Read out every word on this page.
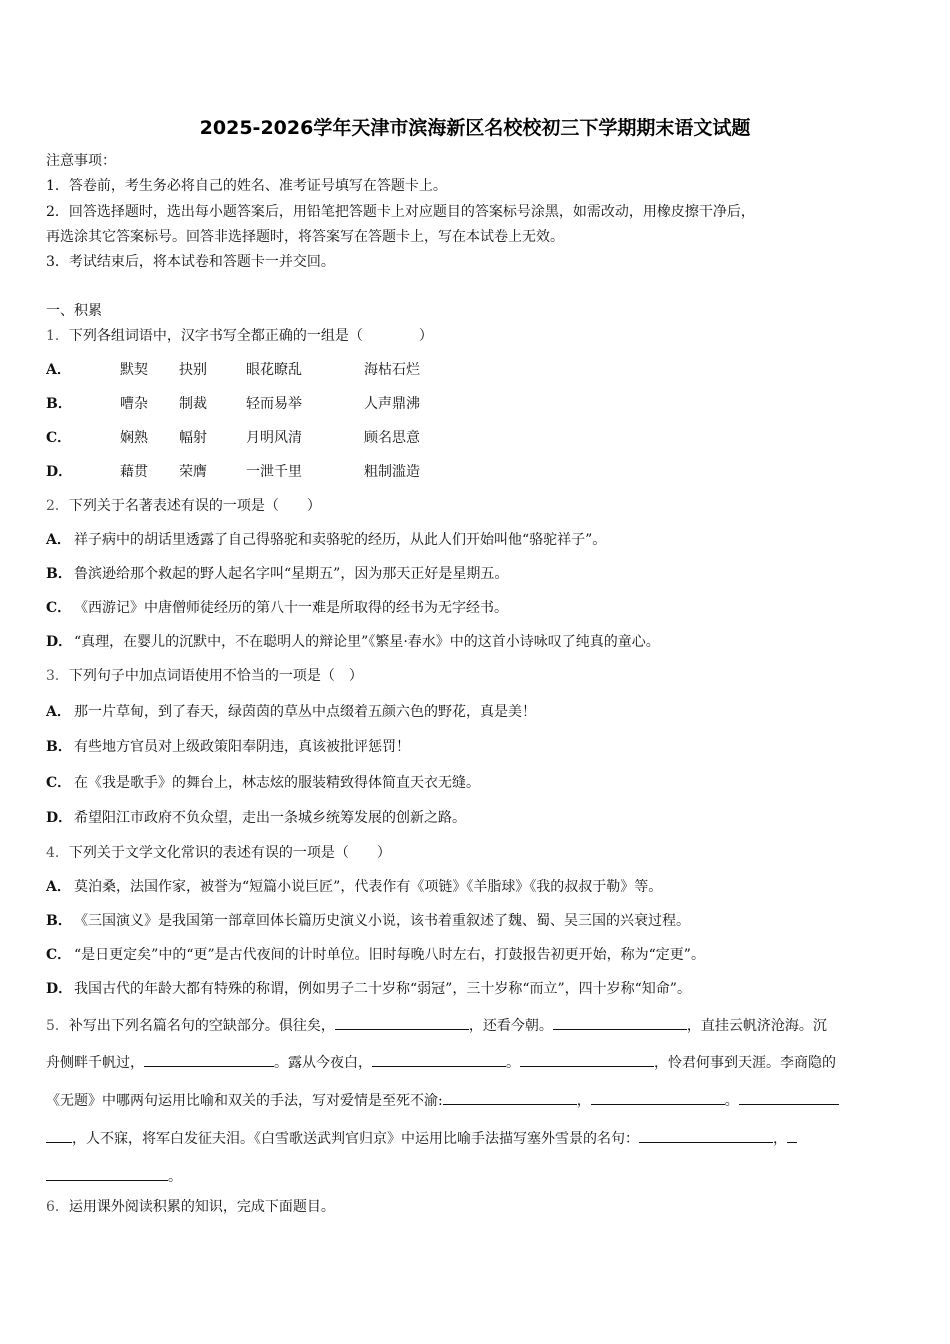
2025-2026学年天津市滨海新区名校校初三下学期期末语文试题
注意事项：
1．答卷前，考生务必将自己的姓名、准考证号填写在答题卡上。
2．回答选择题时，选出每小题答案后，用铅笔把答题卡上对应题目的答案标号涂黑，如需改动，用橡皮擦干净后，
再选涂其它答案标号。回答非选择题时，将答案写在答题卡上，写在本试卷上无效。
3．考试结束后，将本试卷和答题卡一并交回。
一、积累
1．下列各组词语中，汉字书写全都正确的一组是（　　　　）
A．	默契 抉别	眼花瞭乱	海枯石烂
B．	嘈杂 制裁	轻而易举	人声鼎沸
C．	娴熟 幅射	月明风清	顾名思意
D．	藉贯 荣膺	一泄千里	粗制滥造
2．下列关于名著表述有误的一项是（　　）
A． 祥子病中的胡话里透露了自己得骆驼和卖骆驼的经历，从此人们开始叫他“骆驼祥子”。
B． 鲁滨逊给那个救起的野人起名字叫“星期五”，因为那天正好是星期五。
C． 《西游记》中唐僧师徒经历的第八十一难是所取得的经书为无字经书。
D． “真理，在婴儿的沉默中，不在聪明人的辩论里”《繁星·春水》中的这首小诗咏叹了纯真的童心。
3．下列句子中加点词语使用不恰当的一项是（　）
A． 那一片草甸，到了春天，绿茵茵的草丛中点缀着五颜六色的野花，真是美！
B． 有些地方官员对上级政策阳奉阴违，真该被批评惩罚！
C． 在《我是歌手》的舞台上，林志炫的服装精致得体简直天衣无缝。
D． 希望阳江市政府不负众望，走出一条城乡统筹发展的创新之路。
4．下列关于文学文化常识的表述有误的一项是（　　）
A． 莫泊桑，法国作家，被誉为“短篇小说巨匠”，代表作有《项链》《羊脂球》《我的叔叔于勒》等。
B． 《三国演义》是我国第一部章回体长篇历史演义小说，该书着重叙述了魏、蜀、吴三国的兴衰过程。
C． “是日更定矣”中的“更”是古代夜间的计时单位。旧时每晚八时左右，打鼓报告初更开始，称为“定更”。
D． 我国古代的年龄大都有特殊的称谓，例如男子二十岁称“弱冠”，三十岁称“而立”，四十岁称“知命”。
5．补写出下列名篇名句的空缺部分。俱往矣，	，还看今朝。	，直挂云帆济沧海。沉
舟侧畔千帆过，	。露从今夜白，	。	，怜君何事到天涯。李商隐的
《无题》中哪两句运用比喻和双关的手法，写对爱情是至死不渝:	，	。
，人不寐，将军白发征夫泪。《白雪歌送武判官归京》中运用比喻手法描写塞外雪景的名句：	，
。
6．运用课外阅读积累的知识，完成下面题目。
